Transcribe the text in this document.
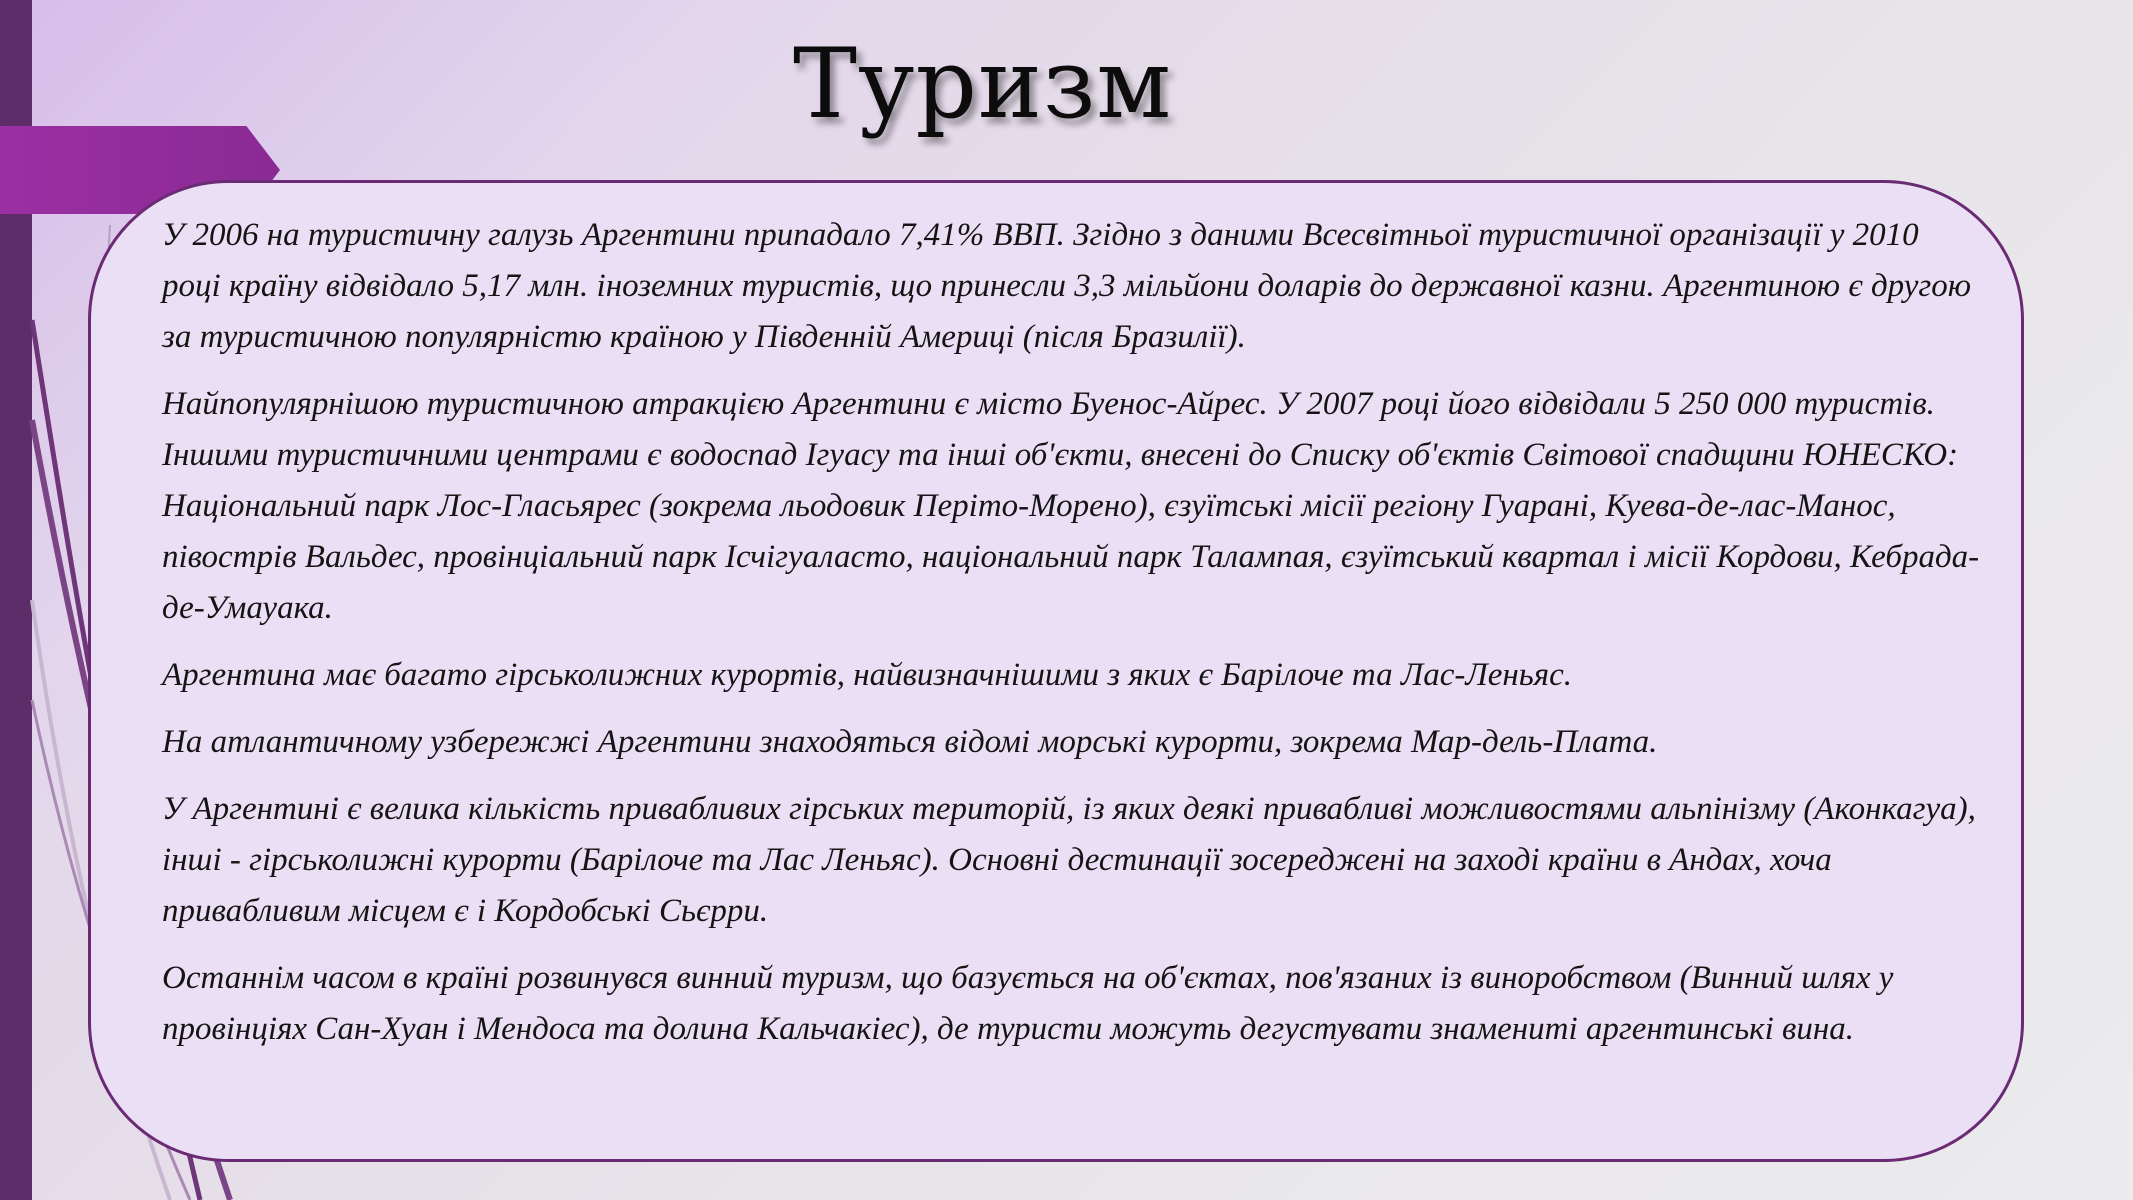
Туризм

У 2006 на туристичну галузь Аргентини припадало 7,41% ВВП. Згідно з даними Всесвітньої туристичної організації у 2010 році країну відвідало 5,17 млн. іноземних туристів, що принесли 3,3 мільйони доларів до державної казни. Аргентиною є другою за туристичною популярністю країною у Південній Америці (після Бразилії).

Найпопулярнішою туристичною атракцією Аргентини є місто Буенос-Айрес. У 2007 році його відвідали 5 250 000 туристів. Іншими туристичними центрами є водоспад Ігуасу та інші об'єкти, внесені до Списку об'єктів Світової спадщини ЮНЕСКО: Національний парк Лос-Гласьярес (зокрема льодовик Періто-Морено), єзуїтські місії регіону Гуарані, Куева-де-лас-Манос, півострів Вальдес, провінціальний парк Ісчігуаласто, національний парк Талампая, єзуїтський квартал і місії Кордови, Кебрада-де-Умауака.

Аргентина має багато гірськолижних курортів, найвизначнішими з яких є Барілоче та Лас-Леньяс.

На атлантичному узбережжі Аргентини знаходяться відомі морські курорти, зокрема Мар-дель-Плата.

У Аргентині є велика кількість привабливих гірських територій, із яких деякі привабливі можливостями альпінізму (Аконкагуа), інші - гірськолижні курорти (Барілоче та Лас Леньяс). Основні дестинації зосереджені на заході країни в Андах, хоча привабливим місцем є і Кордобські Сьєрри.

Останнім часом в країні розвинувся винний туризм, що базується на об'єктах, пов'язаних із виноробством (Винний шлях у провінціях Сан-Хуан і Мендоса та долина Кальчакіес), де туристи можуть дегустувати знамениті аргентинські вина.
